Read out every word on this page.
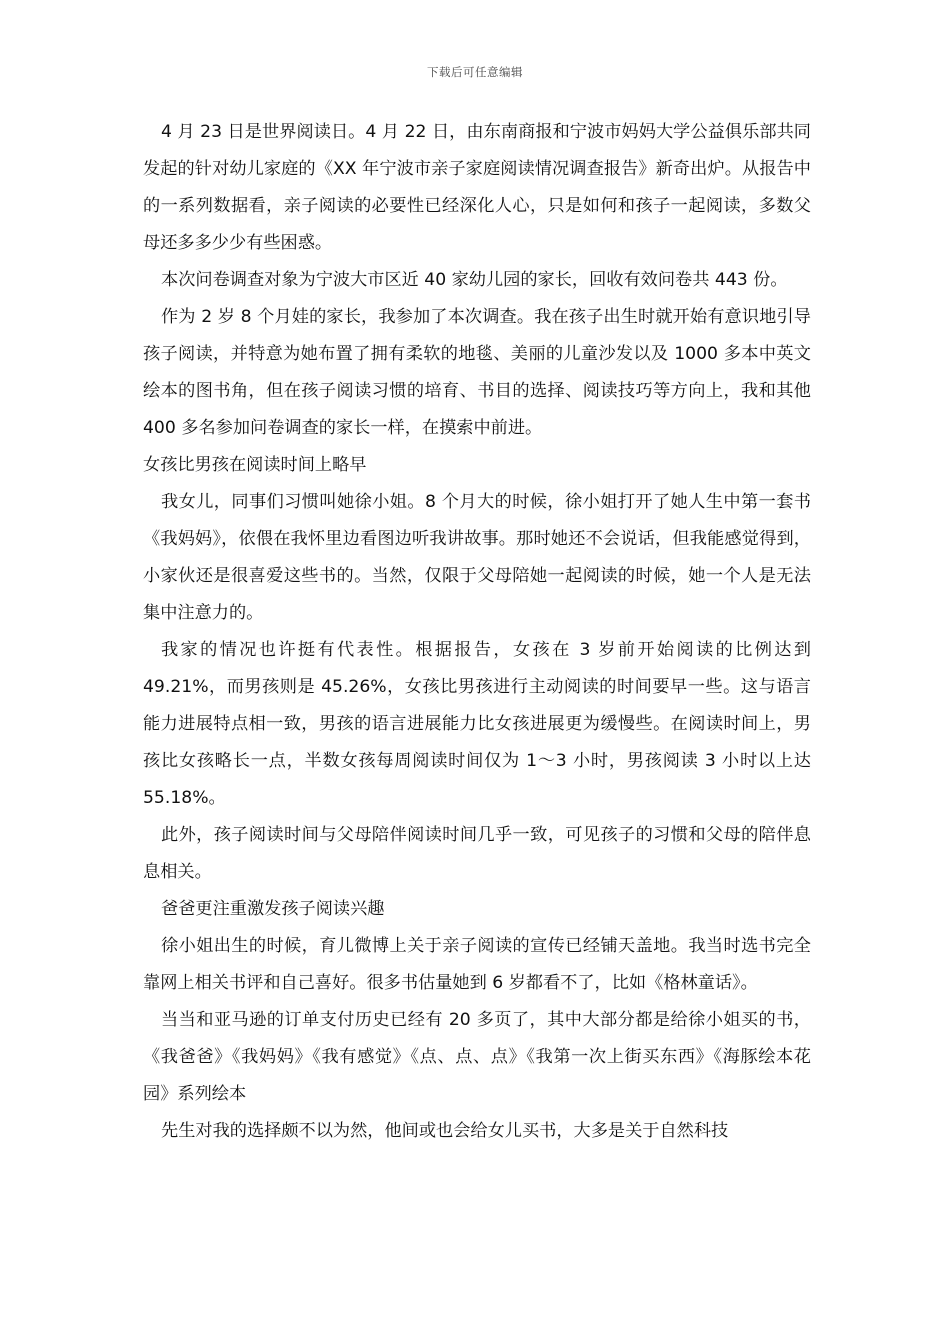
下载后可任意编辑

4 月 23 日是世界阅读日。4 月 22 日，由东南商报和宁波市妈妈大学公益俱乐部共同发起的针对幼儿家庭的《XX 年宁波市亲子家庭阅读情况调查报告》新奇出炉。从报告中的一系列数据看，亲子阅读的必要性已经深化人心，只是如何和孩子一起阅读，多数父母还多多少少有些困惑。

本次问卷调查对象为宁波大市区近 40 家幼儿园的家长，回收有效问卷共 443 份。

作为 2 岁 8 个月娃的家长，我参加了本次调查。我在孩子出生时就开始有意识地引导孩子阅读，并特意为她布置了拥有柔软的地毯、美丽的儿童沙发以及 1000 多本中英文绘本的图书角，但在孩子阅读习惯的培育、书目的选择、阅读技巧等方向上，我和其他 400 多名参加问卷调查的家长一样，在摸索中前进。

女孩比男孩在阅读时间上略早

我女儿，同事们习惯叫她徐小姐。8 个月大的时候，徐小姐打开了她人生中第一套书《我妈妈》，依偎在我怀里边看图边听我讲故事。那时她还不会说话，但我能感觉得到，小家伙还是很喜爱这些书的。当然，仅限于父母陪她一起阅读的时候，她一个人是无法集中注意力的。

我家的情况也许挺有代表性。根据报告，女孩在 3 岁前开始阅读的比例达到 49.21%，而男孩则是 45.26%，女孩比男孩进行主动阅读的时间要早一些。这与语言能力进展特点相一致，男孩的语言进展能力比女孩进展更为缓慢些。在阅读时间上，男孩比女孩略长一点，半数女孩每周阅读时间仅为 1～3 小时，男孩阅读 3 小时以上达 55.18%。

此外，孩子阅读时间与父母陪伴阅读时间几乎一致，可见孩子的习惯和父母的陪伴息息相关。

爸爸更注重激发孩子阅读兴趣

徐小姐出生的时候，育儿微博上关于亲子阅读的宣传已经铺天盖地。我当时选书完全靠网上相关书评和自己喜好。很多书估量她到 6 岁都看不了，比如《格林童话》。

当当和亚马逊的订单支付历史已经有 20 多页了，其中大部分都是给徐小姐买的书，《我爸爸》《我妈妈》《我有感觉》《点、点、点》《我第一次上街买东西》《海豚绘本花园》系列绘本

先生对我的选择颇不以为然，他间或也会给女儿买书，大多是关于自然科技
